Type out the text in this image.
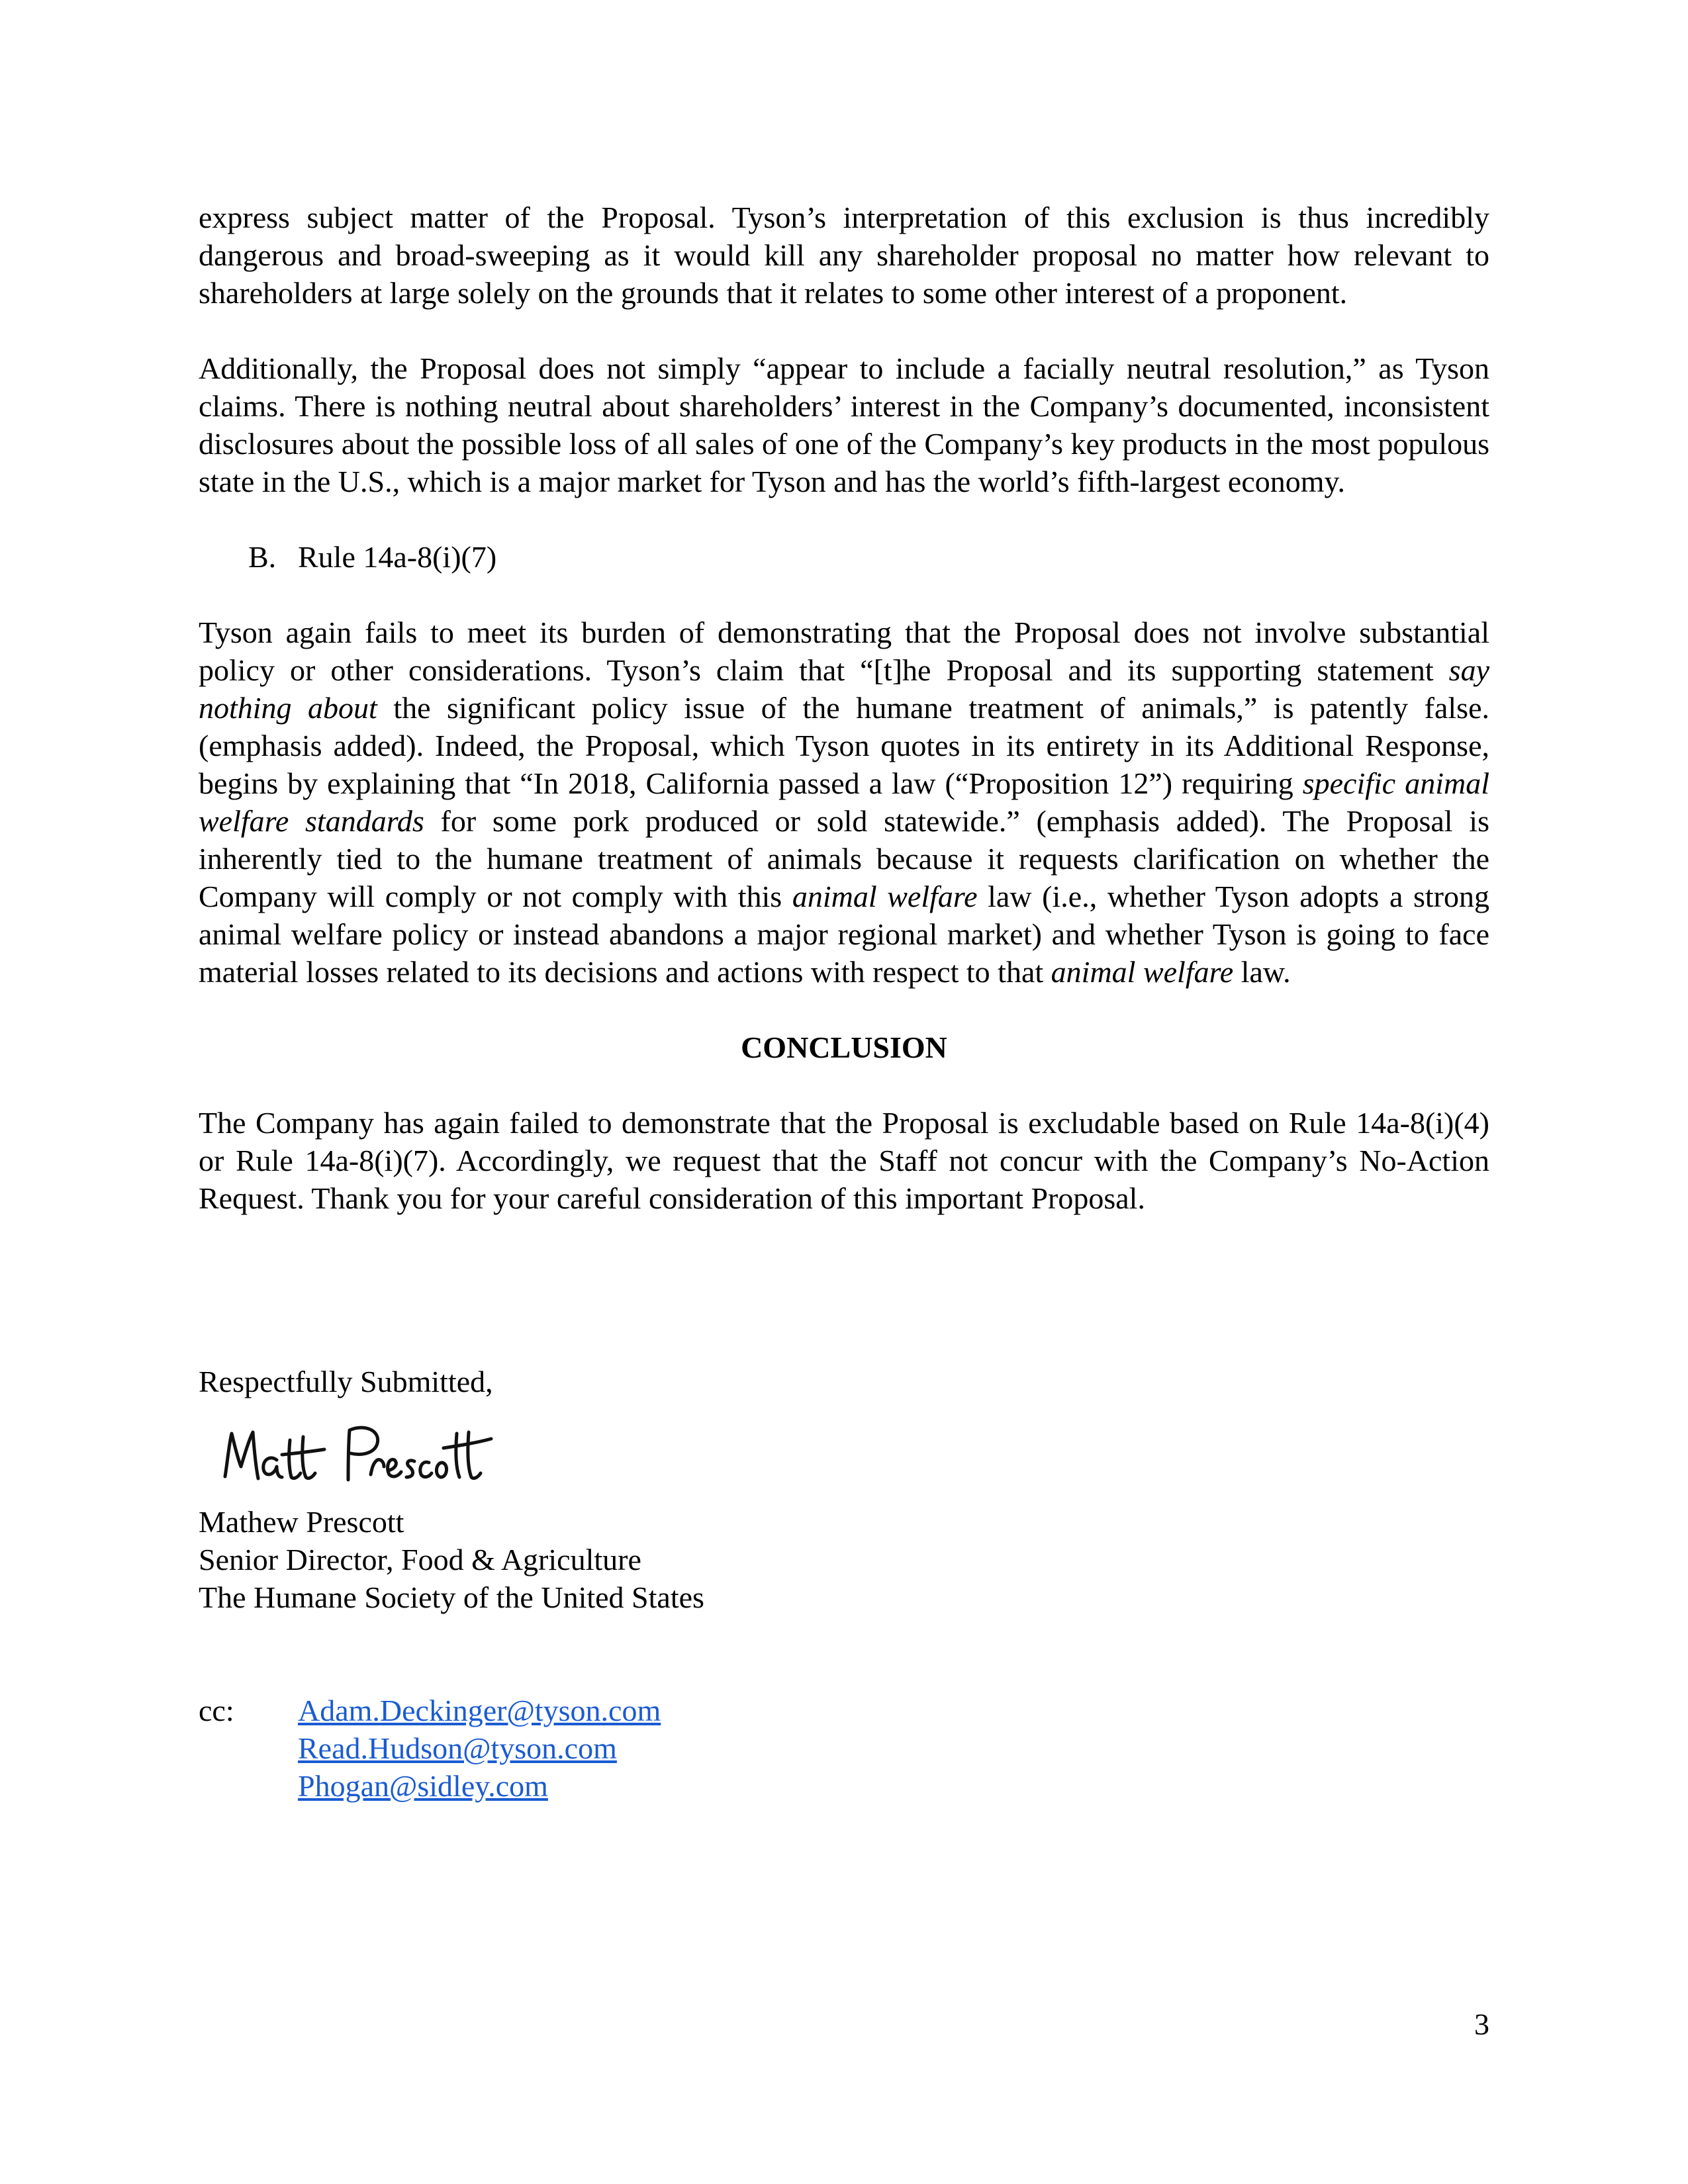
express subject matter of the Proposal. Tyson’s interpretation of this exclusion is thus incredibly dangerous and broad-sweeping as it would kill any shareholder proposal no matter how relevant to shareholders at large solely on the grounds that it relates to some other interest of a proponent.

Additionally, the Proposal does not simply “appear to include a facially neutral resolution,” as Tyson claims. There is nothing neutral about shareholders’ interest in the Company’s documented, inconsistent disclosures about the possible loss of all sales of one of the Company’s key products in the most populous state in the U.S., which is a major market for Tyson and has the world’s fifth-largest economy.

B. Rule 14a-8(i)(7)

Tyson again fails to meet its burden of demonstrating that the Proposal does not involve substantial policy or other considerations. Tyson’s claim that “[t]he Proposal and its supporting statement say nothing about the significant policy issue of the humane treatment of animals,” is patently false. (emphasis added). Indeed, the Proposal, which Tyson quotes in its entirety in its Additional Response, begins by explaining that “In 2018, California passed a law (“Proposition 12”) requiring specific animal welfare standards for some pork produced or sold statewide.” (emphasis added). The Proposal is inherently tied to the humane treatment of animals because it requests clarification on whether the Company will comply or not comply with this animal welfare law (i.e., whether Tyson adopts a strong animal welfare policy or instead abandons a major regional market) and whether Tyson is going to face material losses related to its decisions and actions with respect to that animal welfare law.

CONCLUSION

The Company has again failed to demonstrate that the Proposal is excludable based on Rule 14a-8(i)(4) or Rule 14a-8(i)(7). Accordingly, we request that the Staff not concur with the Company’s No-Action Request. Thank you for your careful consideration of this important Proposal.

Respectfully Submitted,

Mathew Prescott

Senior Director, Food & Agriculture

The Humane Society of the United States

cc:	Adam.Deckinger@tyson.com
Read.Hudson@tyson.com
Phogan@sidley.com
3
